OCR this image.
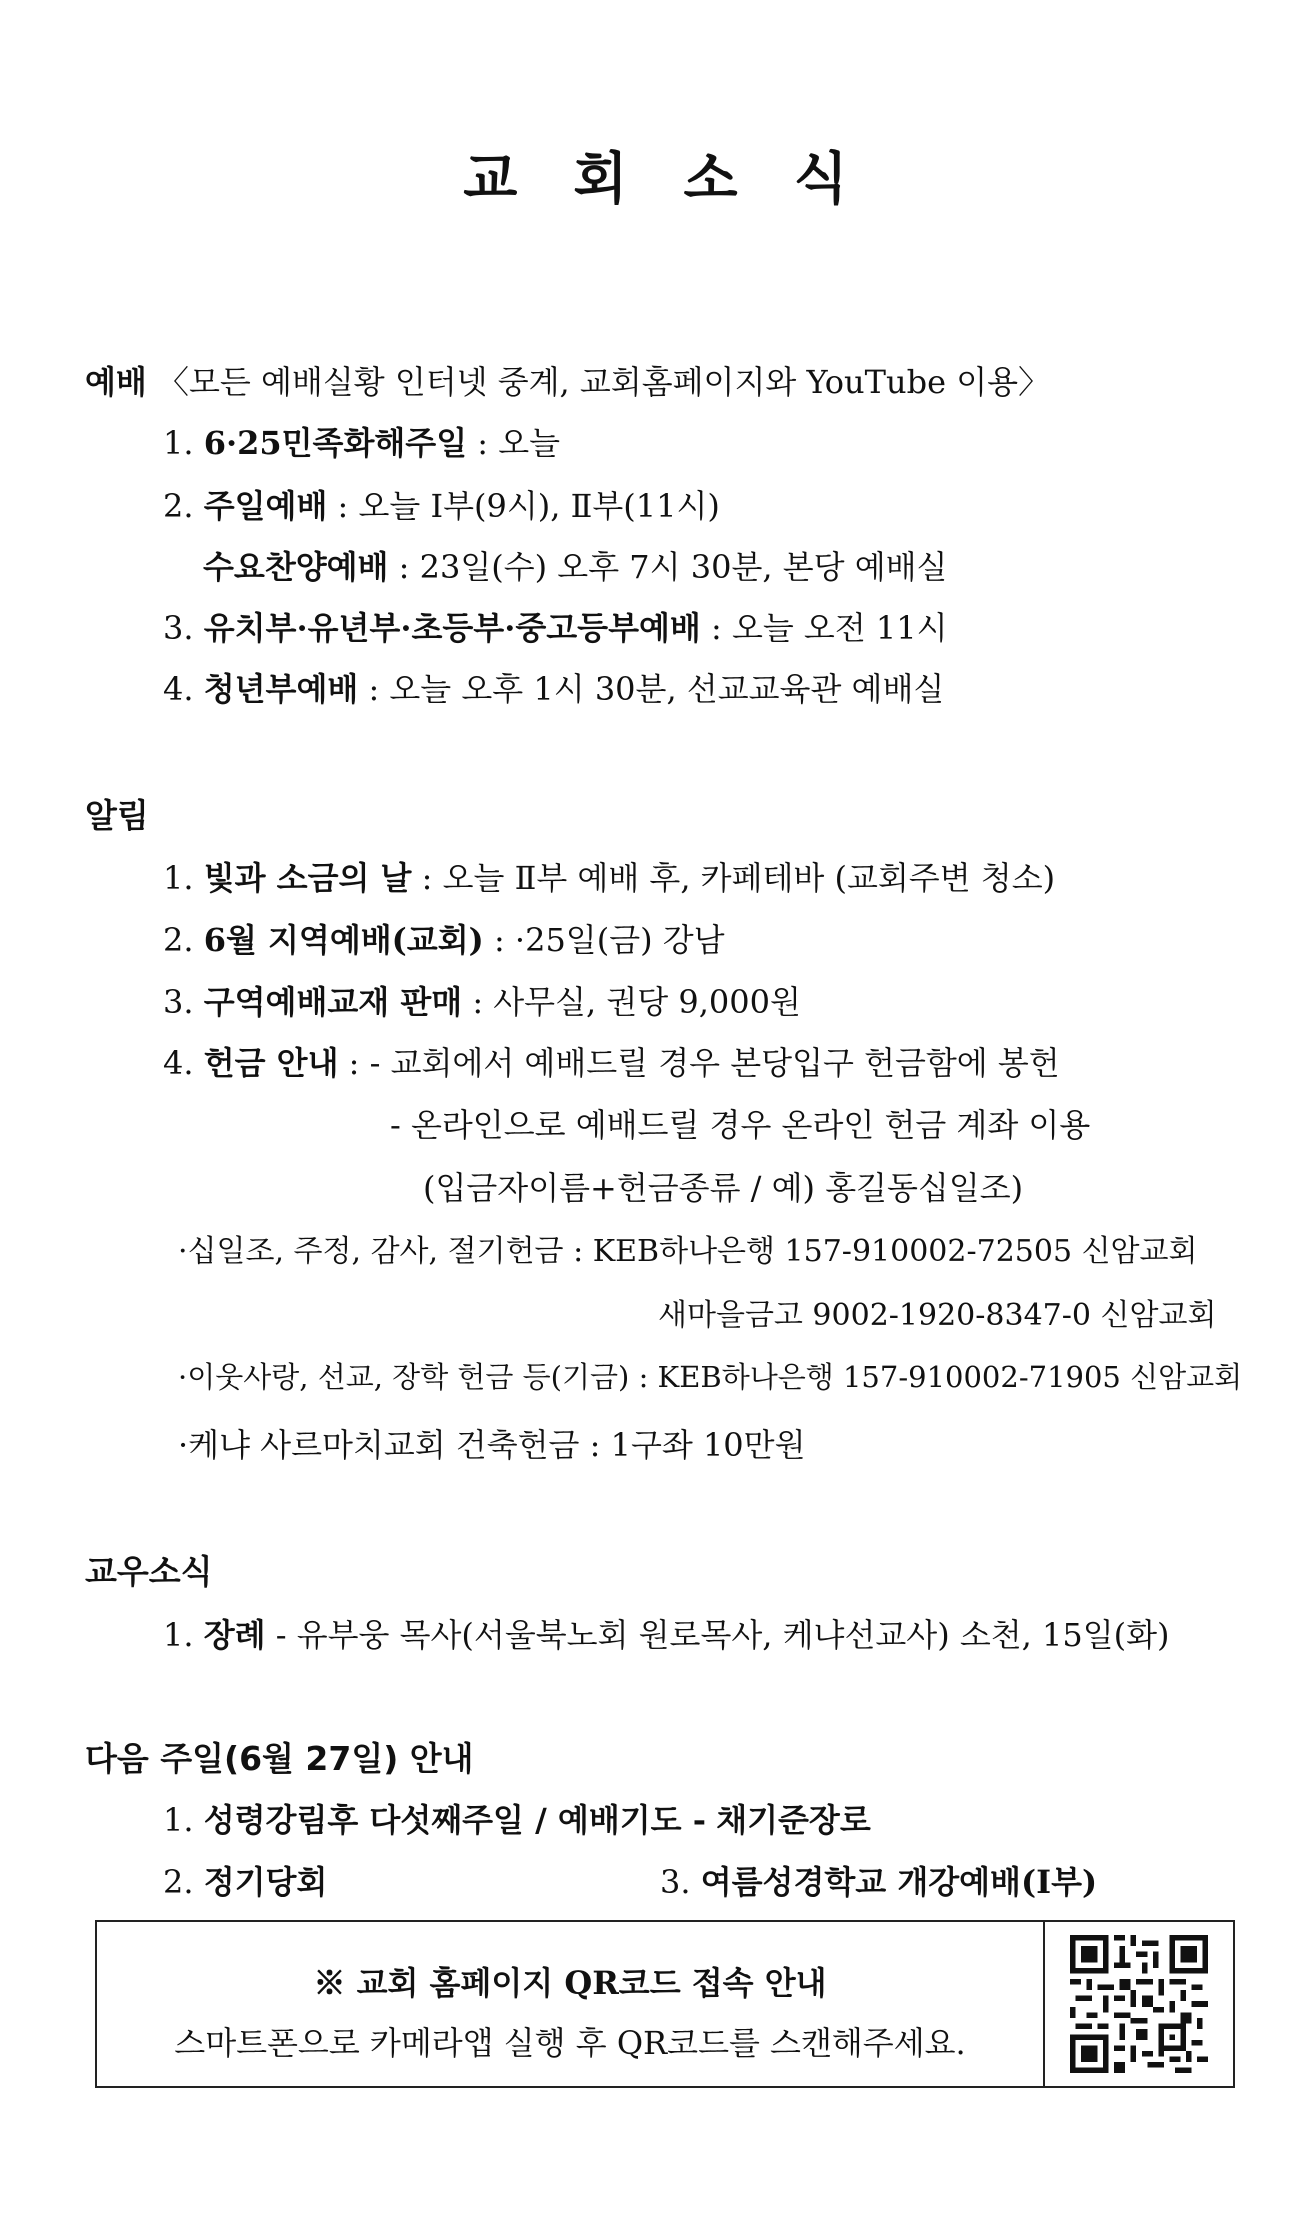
교 회 소 식
예배 〈모든 예배실황 인터넷 중계, 교회홈페이지와 YouTube 이용〉
1. 6·25민족화해주일 : 오늘
2. 주일예배 : 오늘 Ⅰ부(9시), Ⅱ부(11시)
수요찬양예배 : 23일(수) 오후 7시 30분, 본당 예배실
3. 유치부·유년부·초등부·중고등부예배 : 오늘 오전 11시
4. 청년부예배 : 오늘 오후 1시 30분, 선교교육관 예배실
알림
1. 빛과 소금의 날 : 오늘 Ⅱ부 예배 후, 카페테바 (교회주변 청소)
2. 6월 지역예배(교회) : ·25일(금) 강남
3. 구역예배교재 판매 : 사무실, 권당 9,000원
4. 헌금 안내 : - 교회에서 예배드릴 경우 본당입구 헌금함에 봉헌
- 온라인으로 예배드릴 경우 온라인 헌금 계좌 이용
(입금자이름+헌금종류 / 예) 홍길동십일조)
·십일조, 주정, 감사, 절기헌금 : KEB하나은행 157-910002-72505 신암교회
새마을금고 9002-1920-8347-0 신암교회
·이웃사랑, 선교, 장학 헌금 등(기금) : KEB하나은행 157-910002-71905 신암교회
·케냐 사르마치교회 건축헌금 : 1구좌 10만원
교우소식
1. 장례 - 유부웅 목사(서울북노회 원로목사, 케냐선교사) 소천, 15일(화)
다음 주일(6월 27일) 안내
1. 성령강림후 다섯째주일 / 예배기도 - 채기준장로
2. 정기당회	3. 여름성경학교 개강예배(Ⅰ부)
※ 교회 홈페이지 QR코드 접속 안내
스마트폰으로 카메라앱 실행 후 QR코드를 스캔해주세요.
